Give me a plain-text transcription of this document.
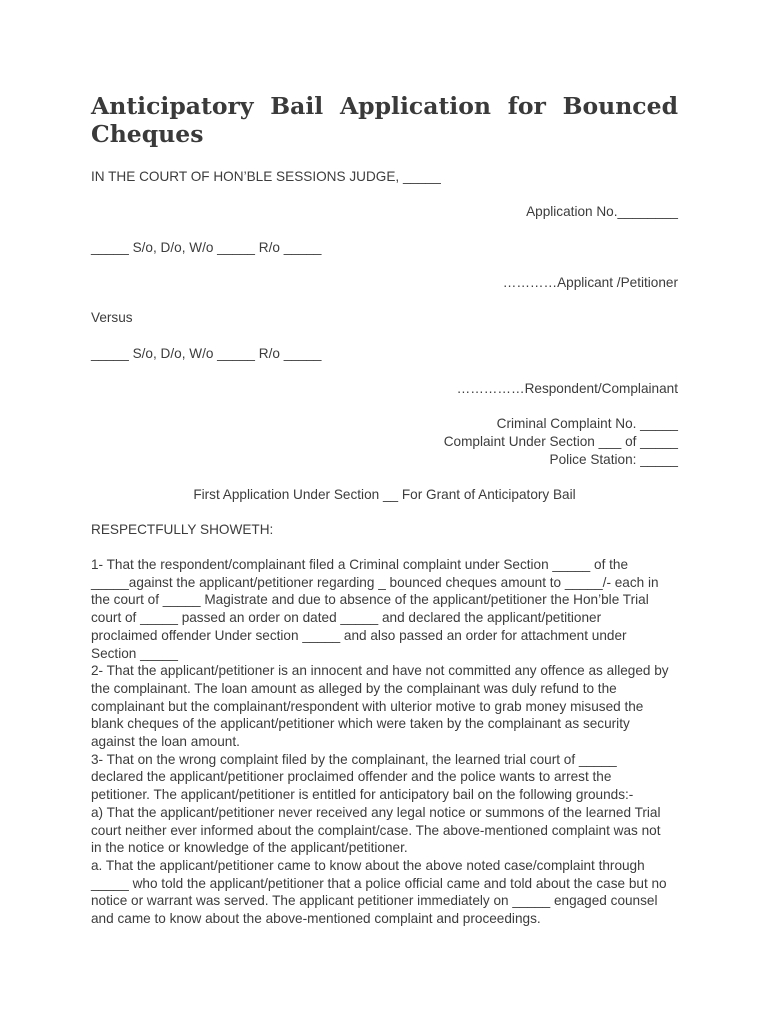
Anticipatory Bail Application for Bounced
Cheques
IN THE COURT OF HON’BLE SESSIONS JUDGE, _____
Application No.________
_____ S/o, D/o, W/o _____ R/o _____
…………Applicant /Petitioner
Versus
_____ S/o, D/o, W/o _____ R/o _____
……………Respondent/Complainant
Criminal Complaint No. _____
Complaint Under Section ___ of _____
Police Station: _____
First Application Under Section __ For Grant of Anticipatory Bail
RESPECTFULLY SHOWETH:
1- That the respondent/complainant filed a Criminal complaint under Section _____ of the
_____against the applicant/petitioner regarding _ bounced cheques amount to _____/- each in
the court of _____ Magistrate and due to absence of the applicant/petitioner the Hon’ble Trial
court of _____ passed an order on dated _____ and declared the applicant/petitioner
proclaimed offender Under section _____ and also passed an order for attachment under
Section _____
2- That the applicant/petitioner is an innocent and have not committed any offence as alleged by
the complainant. The loan amount as alleged by the complainant was duly refund to the
complainant but the complainant/respondent with ulterior motive to grab money misused the
blank cheques of the applicant/petitioner which were taken by the complainant as security
against the loan amount.
3- That on the wrong complaint filed by the complainant, the learned trial court of _____
declared the applicant/petitioner proclaimed offender and the police wants to arrest the
petitioner. The applicant/petitioner is entitled for anticipatory bail on the following grounds:-
a) That the applicant/petitioner never received any legal notice or summons of the learned Trial
court neither ever informed about the complaint/case. The above-mentioned complaint was not
in the notice or knowledge of the applicant/petitioner.
a. That the applicant/petitioner came to know about the above noted case/complaint through
_____ who told the applicant/petitioner that a police official came and told about the case but no
notice or warrant was served. The applicant petitioner immediately on _____ engaged counsel
and came to know about the above-mentioned complaint and proceedings.
